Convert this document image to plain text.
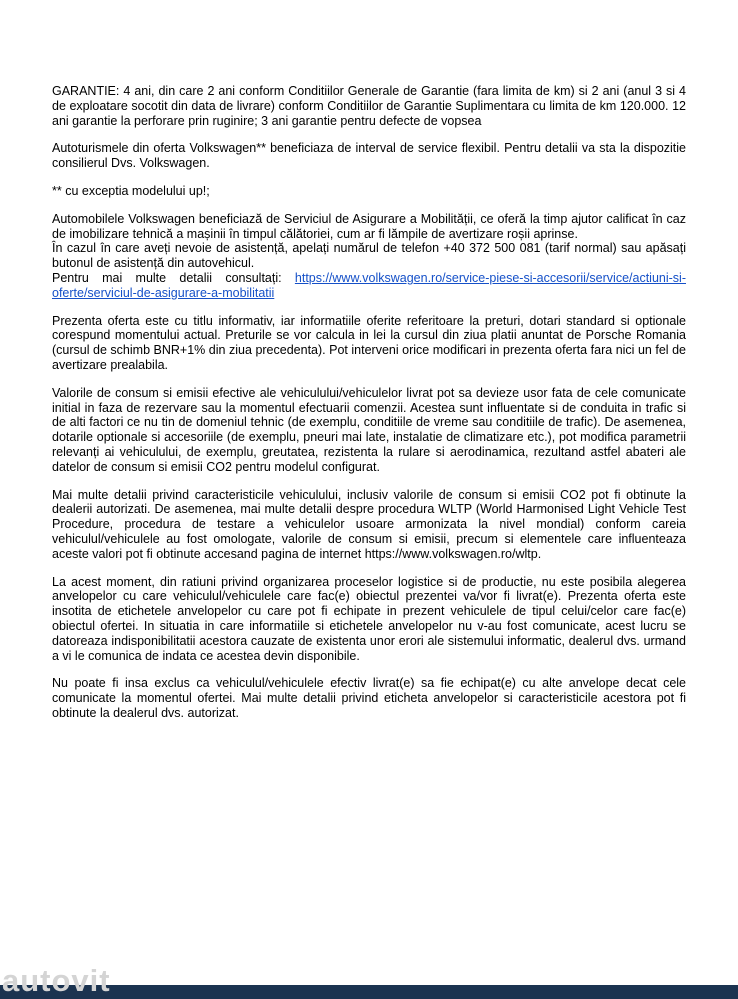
GARANTIE: 4 ani, din care 2 ani conform Conditiilor Generale de Garantie (fara limita de km) si 2 ani (anul 3 si 4 de exploatare socotit din data de livrare) conform Conditiilor de Garantie Suplimentara cu limita de km 120.000. 12 ani garantie la perforare prin ruginire; 3 ani garantie pentru defecte de vopsea

Autoturismele din oferta Volkswagen** beneficiaza de interval de service flexibil. Pentru detalii va sta la dispozitie consilierul Dvs. Volkswagen.

** cu exceptia modelului up!;

Automobilele Volkswagen beneficiază de Serviciul de Asigurare a Mobilității, ce oferă la timp ajutor calificat în caz de imobilizare tehnică a mașinii în timpul călătoriei, cum ar fi lămpile de avertizare roșii aprinse.
În cazul în care aveți nevoie de asistență, apelați numărul de telefon +40 372 500 081 (tarif normal) sau apăsați butonul de asistență din autovehicul.
Pentru mai multe detalii consultați: https://www.volkswagen.ro/service-piese-si-accesorii/service/actiuni-si-oferte/serviciul-de-asigurare-a-mobilitatii

Prezenta oferta este cu titlu informativ, iar informatiile oferite referitoare la preturi, dotari standard si optionale corespund momentului actual. Preturile se vor calcula in lei la cursul din ziua platii anuntat de Porsche Romania (cursul de schimb BNR+1% din ziua precedenta). Pot interveni orice modificari in prezenta oferta fara nici un fel de avertizare prealabila.

Valorile de consum si emisii efective ale vehiculului/vehiculelor livrat pot sa devieze usor fata de cele comunicate initial in faza de rezervare sau la momentul efectuarii comenzii. Acestea sunt influentate si de conduita in trafic si de alti factori ce nu tin de domeniul tehnic (de exemplu, conditiile de vreme sau conditiile de trafic). De asemenea, dotarile optionale si accesoriile (de exemplu, pneuri mai late, instalatie de climatizare etc.), pot modifica parametrii relevanți ai vehiculului, de exemplu, greutatea, rezistenta la rulare si aerodinamica, rezultand astfel abateri ale datelor de consum si emisii CO2 pentru modelul configurat.

Mai multe detalii privind caracteristicile vehiculului, inclusiv valorile de consum si emisii CO2 pot fi obtinute la dealerii autorizati. De asemenea, mai multe detalii despre procedura WLTP (World Harmonised Light Vehicle Test Procedure, procedura de testare a vehiculelor usoare armonizata la nivel mondial) conform careia vehiculul/vehiculele au fost omologate, valorile de consum si emisii, precum si elementele care influenteaza aceste valori pot fi obtinute accesand pagina de internet https://www.volkswagen.ro/wltp.

La acest moment, din ratiuni privind organizarea proceselor logistice si de productie, nu este posibila alegerea anvelopelor cu care vehiculul/vehiculele care fac(e) obiectul prezentei va/vor fi livrat(e). Prezenta oferta este insotita de etichetele anvelopelor cu care pot fi echipate in prezent vehiculele de tipul celui/celor care fac(e) obiectul ofertei. In situatia in care informatiile si etichetele anvelopelor nu v-au fost comunicate, acest lucru se datoreaza indisponibilitatii acestora cauzate de existenta unor erori ale sistemului informatic, dealerul dvs. urmand a vi le comunica de indata ce acestea devin disponibile.

Nu poate fi insa exclus ca vehiculul/vehiculele efectiv livrat(e) sa fie echipat(e) cu alte anvelope decat cele comunicate la momentul ofertei. Mai multe detalii privind eticheta anvelopelor si caracteristicile acestora pot fi obtinute la dealerul dvs. autorizat.

autovit
